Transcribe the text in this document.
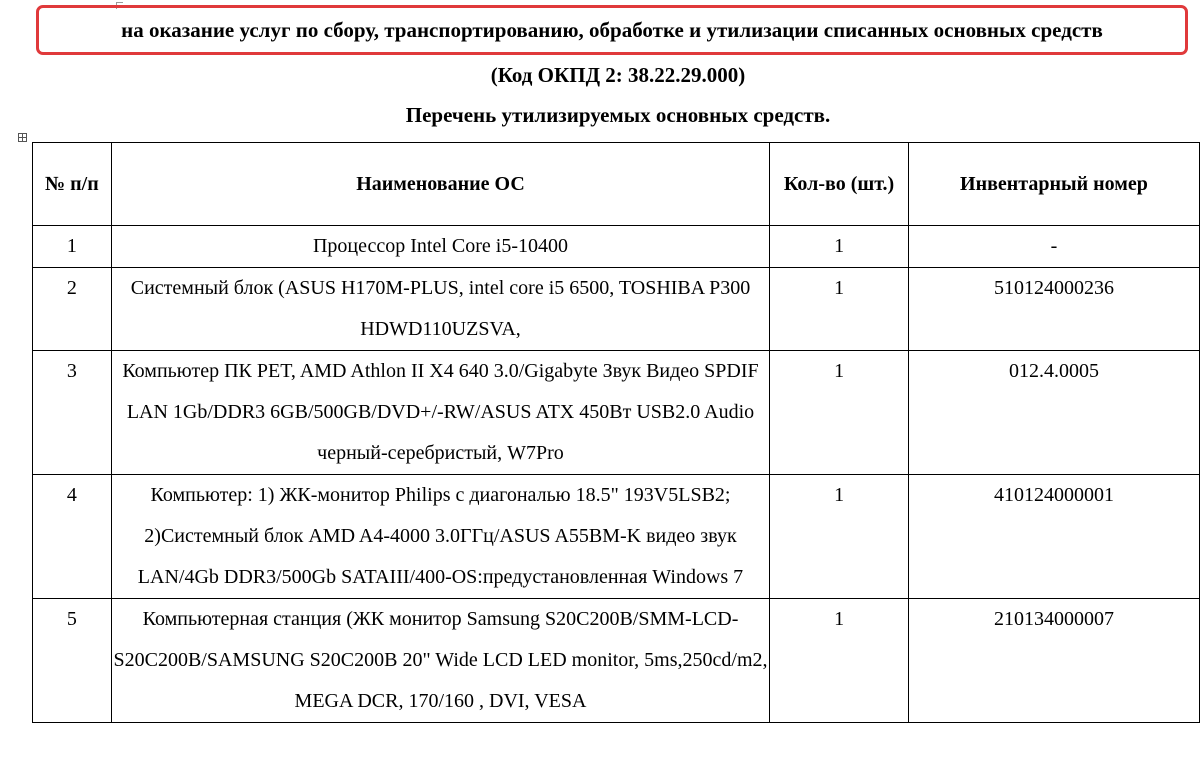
на оказание услуг по сбору, транспортированию, обработке и утилизации списанных основных средств
(Код ОКПД 2: 38.22.29.000)
Перечень утилизируемых основных средств.
№ п/п	Наименование ОС	Кол-во (шт.)	Инвентарный номер
1	Процессор Intel Core i5-10400	1	-
2	Системный блок (ASUS H170M-PLUS, intel core i5 6500, TOSHIBA P300 HDWD110UZSVA,	1	510124000236
3	Компьютер ПК PET, AMD Athlon II X4 640 3.0/Gigabyte Звук Видео SPDIF LAN 1Gb/DDR3 6GB/500GB/DVD+/-RW/ASUS ATX 450Вт USB2.0 Audio черный-серебристый, W7Pro	1	012.4.0005
4	Компьютер: 1) ЖК-монитор Philips с диагональю 18.5" 193V5LSB2; 2)Системный блок AMD A4-4000 3.0ГГц/ASUS A55BM-K видео звук LAN/4Gb DDR3/500Gb SATAIII/400-OS:предустановленная Windows 7	1	410124000001
5	Компьютерная станция (ЖК монитор Samsung S20C200B/SMM-LCD-S20C200B/SAMSUNG S20C200B 20" Wide LCD LED monitor, 5ms,250cd/m2, MEGA DCR, 170/160 , DVI, VESA	1	210134000007
